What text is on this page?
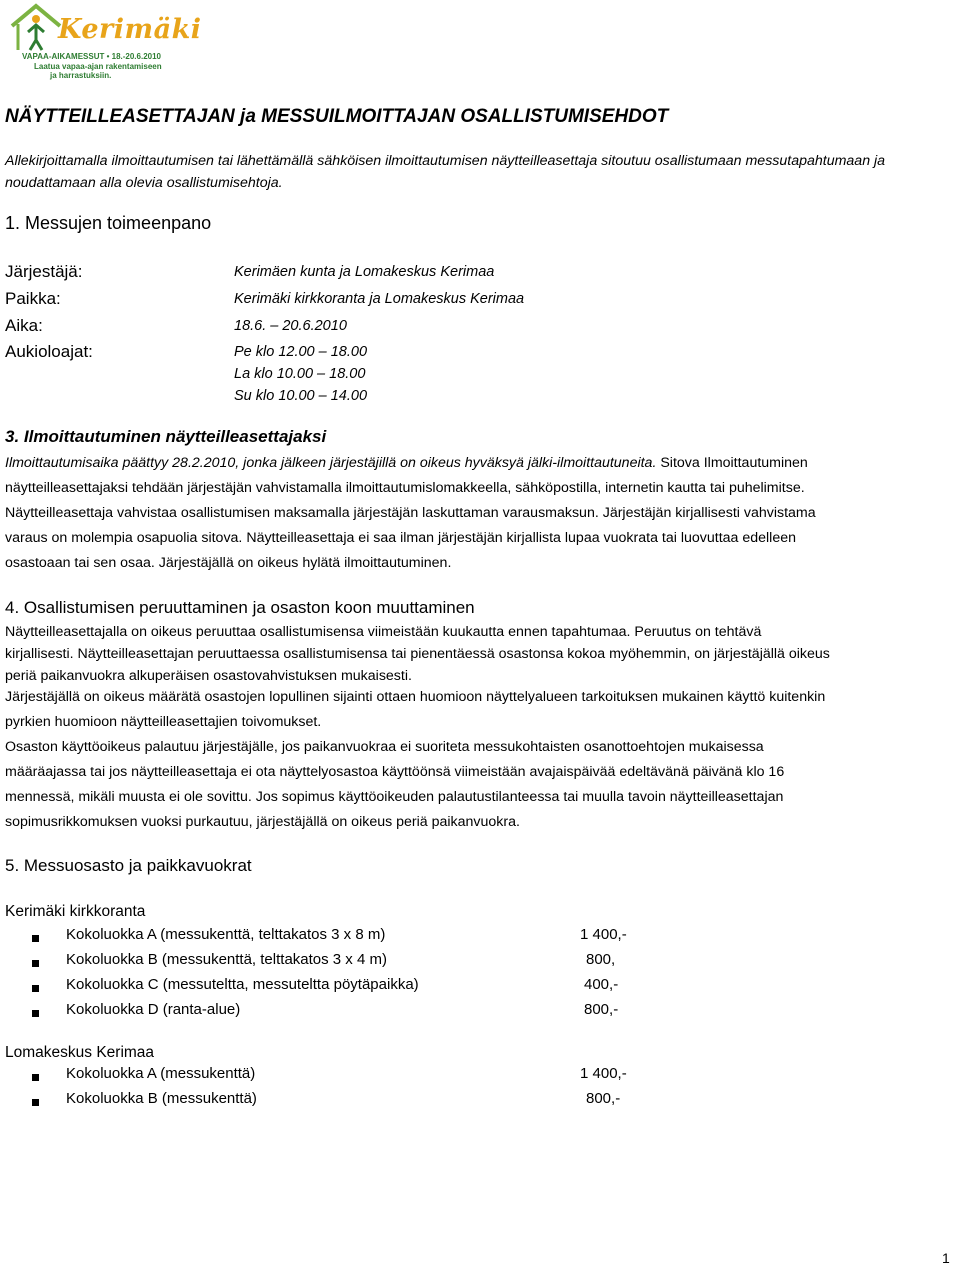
Kerimäki
VAPAA-AIKAMESSUT • 18.-20.6.2010
Laatua vapaa-ajan rakentamiseen
ja harrastuksiin.
NÄYTTEILLEASETTAJAN ja MESSUILMOITTAJAN OSALLISTUMISEHDOT
Allekirjoittamalla ilmoittautumisen tai lähettämällä sähköisen ilmoittautumisen näytteilleasettaja sitoutuu osallistumaan messutapahtumaan ja noudattamaan alla olevia osallistumisehtoja.
1. Messujen toimeenpano
Järjestäjä:	Kerimäen kunta ja Lomakeskus Kerimaa
Paikka:	Kerimäki kirkkoranta ja Lomakeskus Kerimaa
Aika:	18.6. – 20.6.2010
Aukioloajat:	Pe klo 12.00 – 18.00
La klo 10.00 – 18.00
Su klo 10.00 – 14.00
3. Ilmoittautuminen näytteilleasettajaksi
Ilmoittautumisaika päättyy 28.2.2010, jonka jälkeen järjestäjillä on oikeus hyväksyä jälki-ilmoittautuneita. Sitova Ilmoittautuminen
näytteilleasettajaksi tehdään järjestäjän vahvistamalla ilmoittautumislomakkeella, sähköpostilla, internetin kautta tai puhelimitse.
Näytteilleasettaja vahvistaa osallistumisen maksamalla järjestäjän laskuttaman varausmaksun. Järjestäjän kirjallisesti vahvistama
varaus on molempia osapuolia sitova. Näytteilleasettaja ei saa ilman järjestäjän kirjallista lupaa vuokrata tai luovuttaa edelleen
osastoaan tai sen osaa. Järjestäjällä on oikeus hylätä ilmoittautuminen.
4. Osallistumisen peruuttaminen ja osaston koon muuttaminen
Näytteilleasettajalla on oikeus peruuttaa osallistumisensa viimeistään kuukautta ennen tapahtumaa. Peruutus on tehtävä
kirjallisesti. Näytteilleasettajan peruuttaessa osallistumisensa tai pienentäessä osastonsa kokoa myöhemmin, on järjestäjällä oikeus
periä paikanvuokra alkuperäisen osastovahvistuksen mukaisesti.
Järjestäjällä on oikeus määrätä osastojen lopullinen sijainti ottaen huomioon näyttelyalueen tarkoituksen mukainen käyttö kuitenkin
pyrkien huomioon näytteilleasettajien toivomukset.
Osaston käyttöoikeus palautuu järjestäjälle, jos paikanvuokraa ei suoriteta messukohtaisten osanottoehtojen mukaisessa
määräajassa tai jos näytteilleasettaja ei ota näyttelyosastoa käyttöönsä viimeistään avajaispäivää edeltävänä päivänä klo 16
mennessä, mikäli muusta ei ole sovittu. Jos sopimus käyttöoikeuden palautustilanteessa tai muulla tavoin näytteilleasettajan
sopimusrikkomuksen vuoksi purkautuu, järjestäjällä on oikeus periä paikanvuokra.
5. Messuosasto ja paikkavuokrat
Kerimäki kirkkoranta
Kokoluokka A (messukenttä, telttakatos 3 x 8 m)	1 400,-
Kokoluokka B (messukenttä, telttakatos 3 x 4 m)	800,
Kokoluokka C (messuteltta, messuteltta pöytäpaikka)	400,-
Kokoluokka D (ranta-alue)	800,-
Lomakeskus Kerimaa
Kokoluokka A (messukenttä)	1 400,-
Kokoluokka B (messukenttä)	800,-
1
